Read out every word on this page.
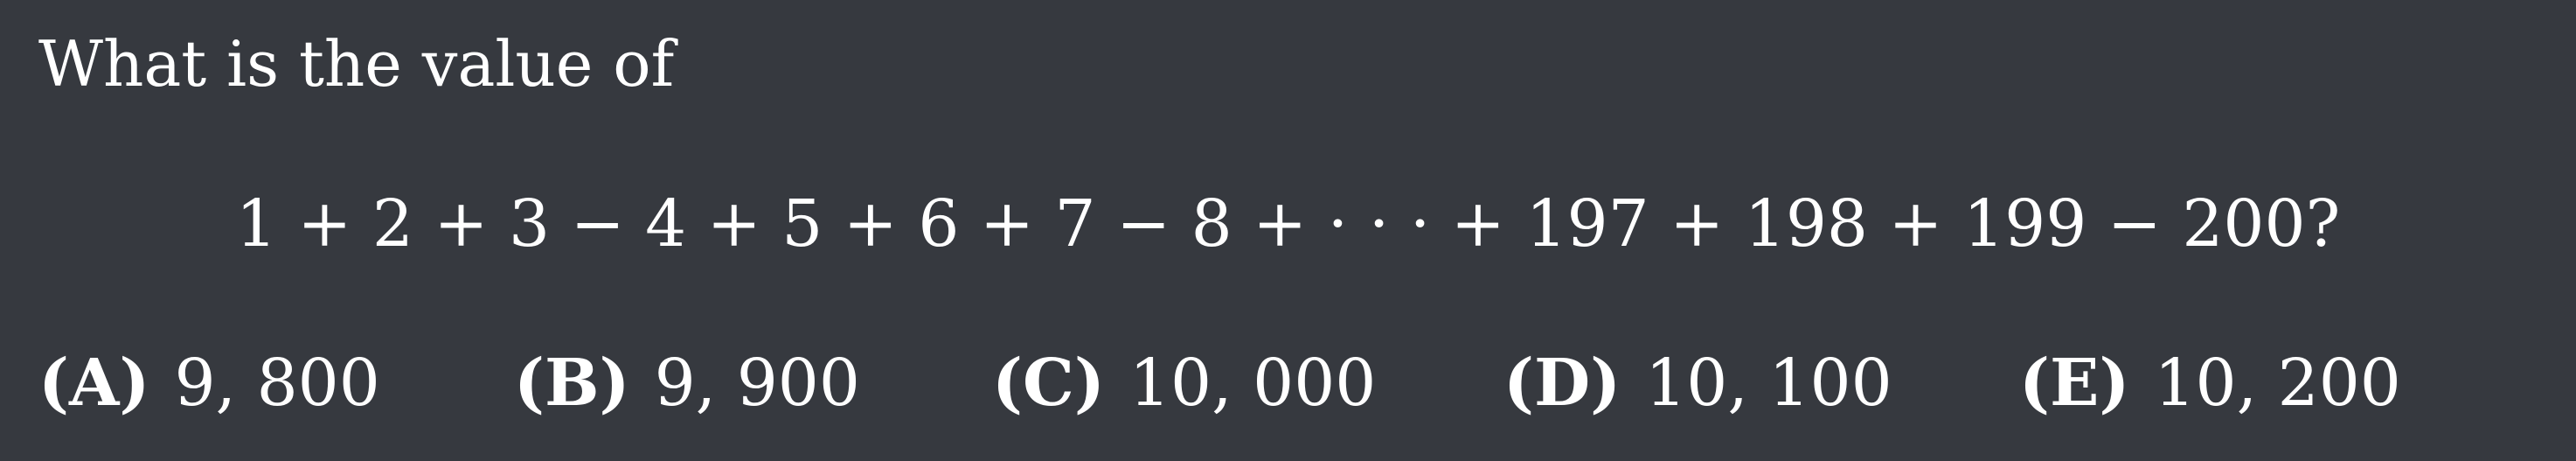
What is the value of
1 + 2 + 3 − 4 + 5 + 6 + 7 − 8 + · · · + 197 + 198 + 199 − 200?
(A) 9, 800 (B) 9, 900 (C) 10, 000 (D) 10, 100 (E) 10, 200
